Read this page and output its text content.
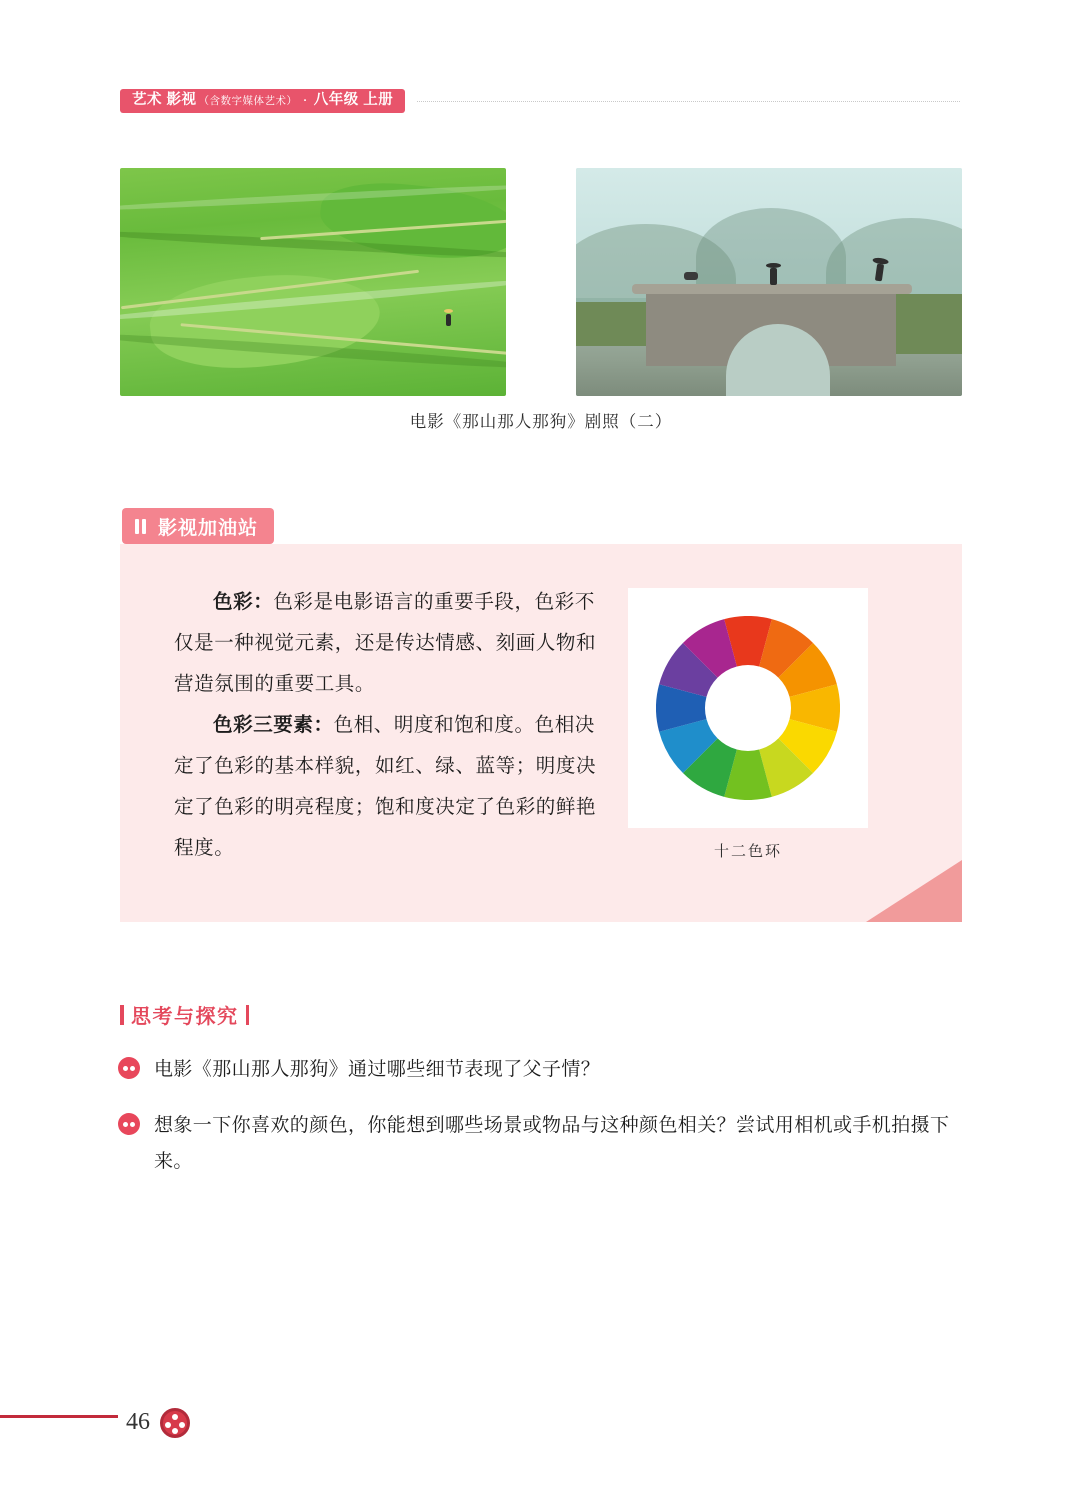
艺术 影视 （含数字媒体艺术） · 八年级 上册
电影《那山那人那狗》剧照（二）
影视加油站

色彩：色彩是电影语言的重要手段，色彩不仅是一种视觉元素，还是传达情感、刻画人物和营造氛围的重要工具。

色彩三要素：色相、明度和饱和度。色相决定了色彩的基本样貌，如红、绿、蓝等；明度决定了色彩的明亮程度；饱和度决定了色彩的鲜艳程度。	十二色环
思考与探究
电影《那山那人那狗》通过哪些细节表现了父子情？
想象一下你喜欢的颜色，你能想到哪些场景或物品与这种颜色相关？尝试用相机或手机拍摄下来。
46
